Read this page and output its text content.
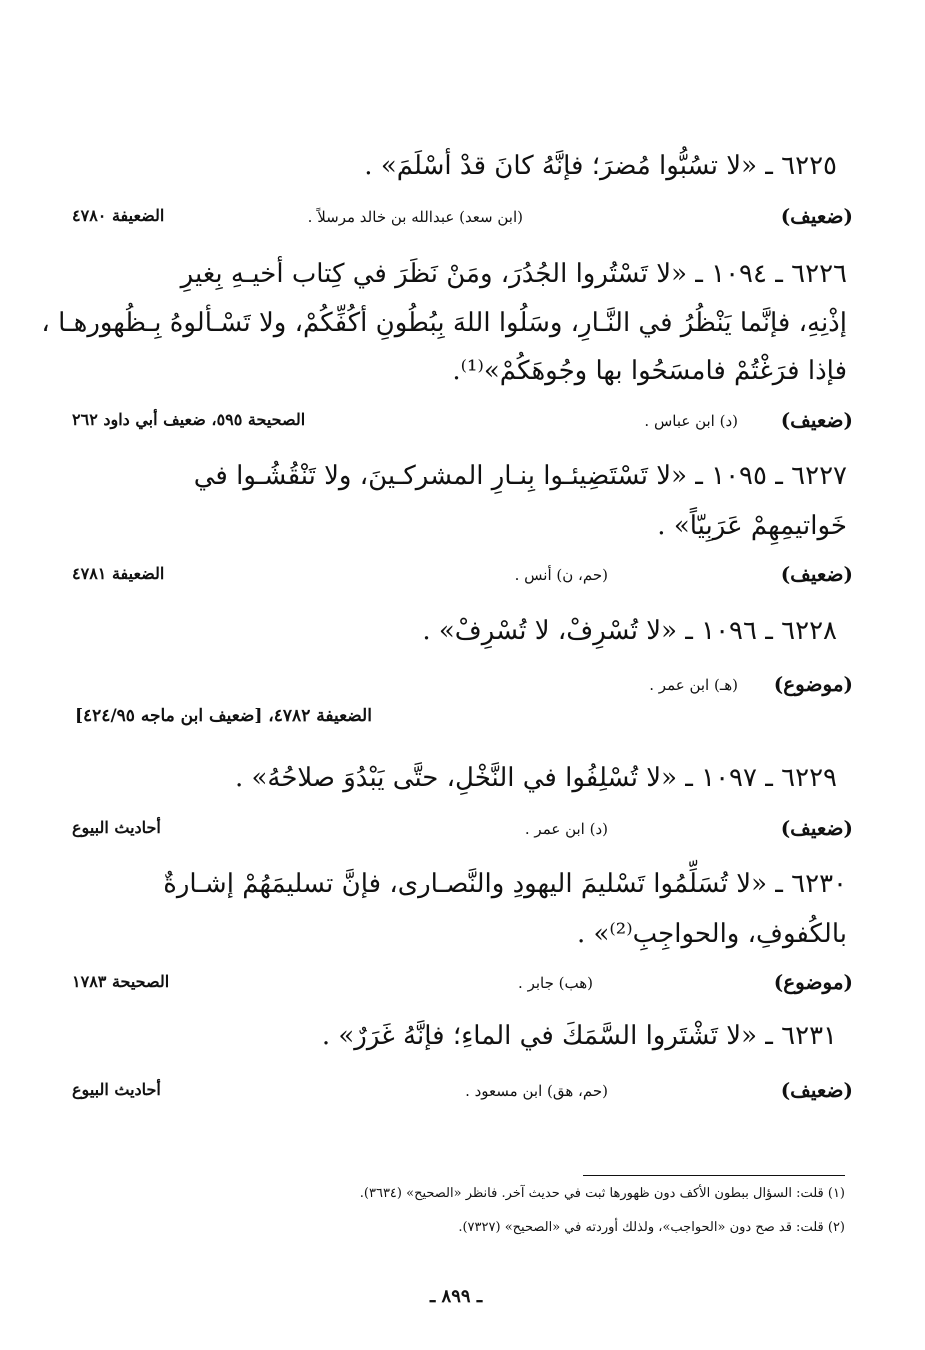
٦٢٢٥ ـ «لا تسُبُّوا مُضرَ؛ فإنَّهُ كانَ قدْ أسْلَمَ» .
(ضعيف)
(ابن سعد) عبدالله بن خالد مرسلاً .
الضعيفة ٤٧٨٠
٦٢٢٦ ـ ١٠٩٤ ـ «لا تَسْتُروا الجُدُرَ، ومَنْ نَظَرَ في كِتاب أخيـهِ بِغيرِ
إذْنِهِ، فإنَّما يَنْظُرُ في النَّـارِ، وسَلُوا اللهَ بِبُطُونِ أكُفِّكُمْ، ولا تَسْـألوهُ بِـظُهورهـا ،
فإذا فرَغْتُمْ فامسَحُوا بها وجُوهَكُمْ»⁽¹⁾.
(ضعيف)
(د) ابن عباس .
الصحيحة ٥٩٥، ضعيف أبي داود ٢٦٢
٦٢٢٧ ـ ١٠٩٥ ـ «لا تَسْتَضِيئـوا بِنـارِ المشركـينَ، ولا تَنْقُشُـوا في
خَواتيمِهِمْ عَرَبِيّاً» .
(ضعيف)
(حم، ن) أنس .
الضعيفة ٤٧٨١
٦٢٢٨ ـ ١٠٩٦ ـ «لا تُسْرِفْ، لا تُسْرِفْ» .
(موضوع)
(هـ) ابن عمر .
الضعيفة ٤٧٨٢، [ضعيف ابن ماجه ٤٢٤/٩٥]
٦٢٢٩ ـ ١٠٩٧ ـ «لا تُسْلِفُوا في النَّخْلِ، حتَّى يَبْدُوَ صلاحُهُ» .
(ضعيف)
(د) ابن عمر .
أحاديث البيوع
٦٢٣٠ ـ «لا تُسَلِّمُوا تَسْليمَ اليهودِ والنَّصـارى، فإنَّ تسليمَهُمْ إشـارةٌ
بالكُفوفِ، والحواجِبِ⁽²⁾» .
(موضوع)
(هب) جابر .
الصحيحة ١٧٨٣
٦٢٣١ ـ «لا تَشْتَروا السَّمَكَ في الماءِ؛ فإنَّهُ غَرَرٌ» .
(ضعيف)
(حم، هق) ابن مسعود .
أحاديث البيوع
(١) قلت: السؤال ببطون الأكف دون ظهورها ثبت في حديث آخر. فانظر «الصحيح» (٣٦٣٤).
(٢) قلت: قد صح دون «الحواجب»، ولذلك أوردته في «الصحيح» (٧٣٢٧).
ـ ٨٩٩ ـ
